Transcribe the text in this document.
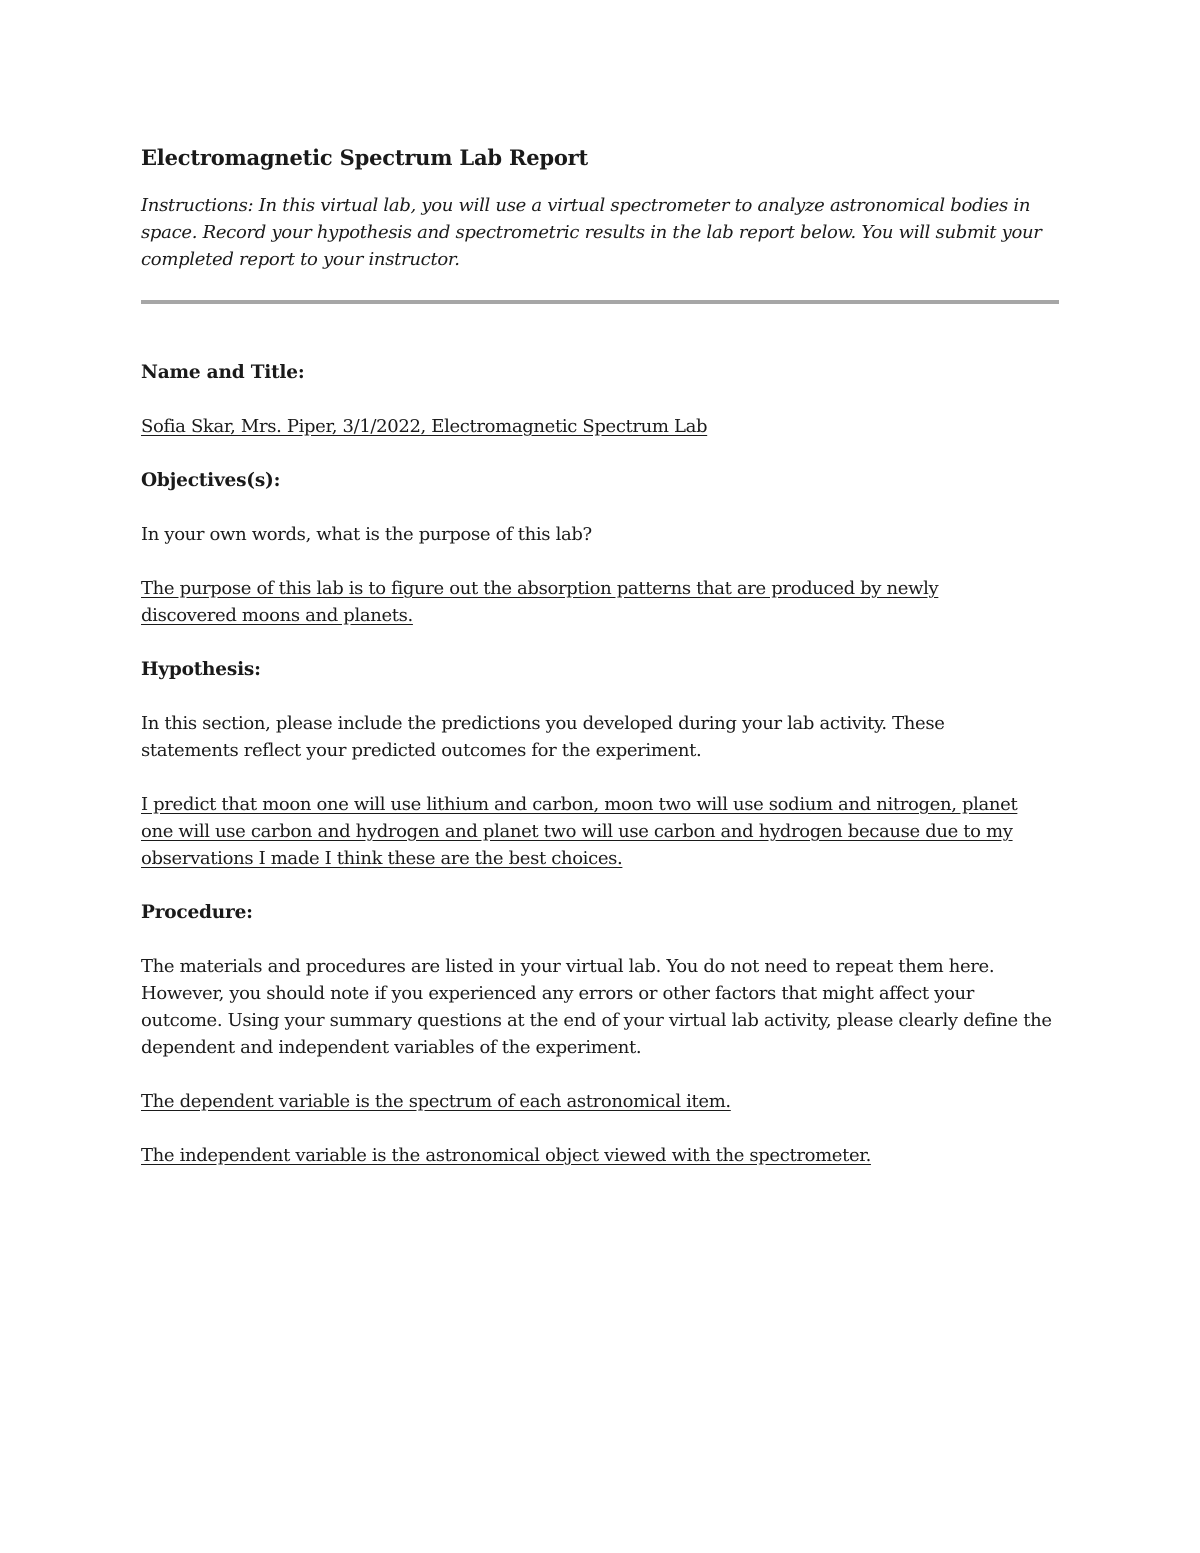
Electromagnetic Spectrum Lab Report

Instructions: In this virtual lab, you will use a virtual spectrometer to analyze astronomical bodies in space. Record your hypothesis and spectrometric results in the lab report below. You will submit your completed report to your instructor.

Name and Title:

Sofia Skar, Mrs. Piper, 3/1/2022, Electromagnetic Spectrum Lab

Objectives(s):

In your own words, what is the purpose of this lab?

The purpose of this lab is to figure out the absorption patterns that are produced by newly discovered moons and planets.

Hypothesis:

In this section, please include the predictions you developed during your lab activity. These statements reflect your predicted outcomes for the experiment.

I predict that moon one will use lithium and carbon, moon two will use sodium and nitrogen, planet one will use carbon and hydrogen and planet two will use carbon and hydrogen because due to my observations I made I think these are the best choices.

Procedure:

The materials and procedures are listed in your virtual lab. You do not need to repeat them here. However, you should note if you experienced any errors or other factors that might affect your outcome. Using your summary questions at the end of your virtual lab activity, please clearly define the dependent and independent variables of the experiment.

The dependent variable is the spectrum of each astronomical item.

The independent variable is the astronomical object viewed with the spectrometer.
